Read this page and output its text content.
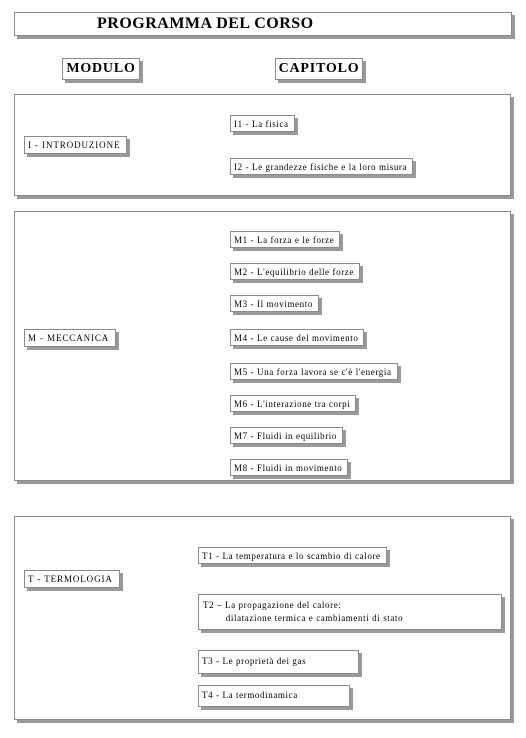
PROGRAMMA DEL CORSO
MODULO	CAPITOLO
I - INTRODUZIONE
I1 - La fisica
I2 - Le grandezze fisiche e la loro misura
M - MECCANICA
M1 - La forza e le forze
M2 - L'equilibrio delle forze
M3 - Il movimento
M4 - Le cause del movimento
M5 - Una forza lavora se c'è l'energia
M6 - L'interazione tra corpi
M7 - Fluidi in equilibrio
M8 - Fluidi in movimento
T - TERMOLOGIA
T1 - La temperatura e lo scambio di calore
T2 – La propagazione del calore:
dilatazione termica e cambiamenti di stato
T3 - Le proprietà dei gas
T4 - La termodinamica
